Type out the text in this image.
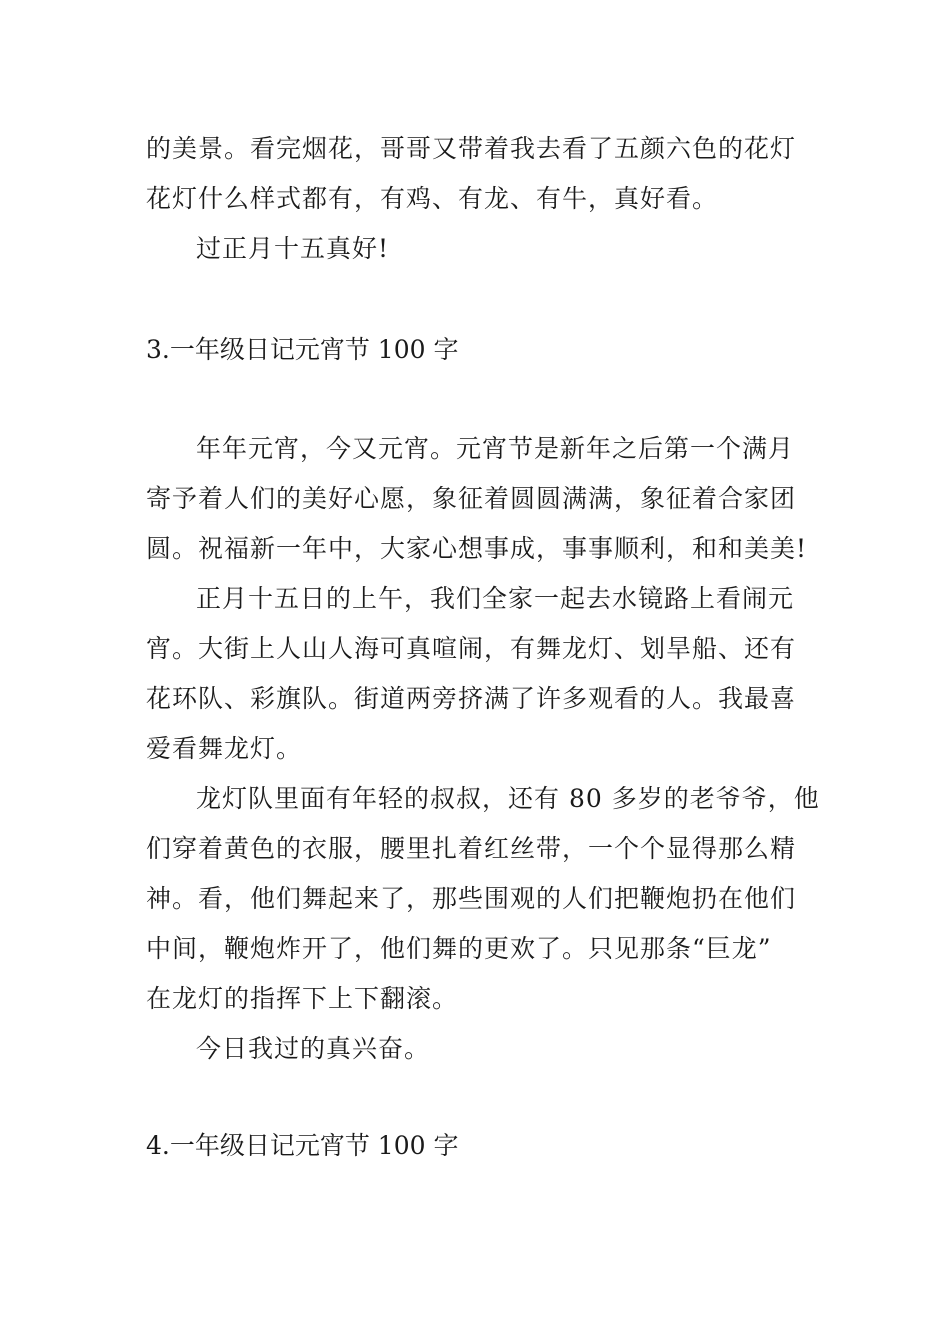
的美景。看完烟花，哥哥又带着我去看了五颜六色的花灯
花灯什么样式都有，有鸡、有龙、有牛，真好看。
过正月十五真好!
3.一年级日记元宵节 100 字
年年元宵，今又元宵。元宵节是新年之后第一个满月
寄予着人们的美好心愿，象征着圆圆满满，象征着合家团
圆。祝福新一年中，大家心想事成，事事顺利，和和美美!
正月十五日的上午，我们全家一起去水镜路上看闹元
宵。大街上人山人海可真喧闹，有舞龙灯、划旱船、还有
花环队、彩旗队。街道两旁挤满了许多观看的人。我最喜
爱看舞龙灯。
龙灯队里面有年轻的叔叔，还有 80 多岁的老爷爷，他
们穿着黄色的衣服，腰里扎着红丝带，一个个显得那么精
神。看，他们舞起来了，那些围观的人们把鞭炮扔在他们
中间，鞭炮炸开了，他们舞的更欢了。只见那条“巨龙”
在龙灯的指挥下上下翻滚。
今日我过的真兴奋。
4.一年级日记元宵节 100 字
